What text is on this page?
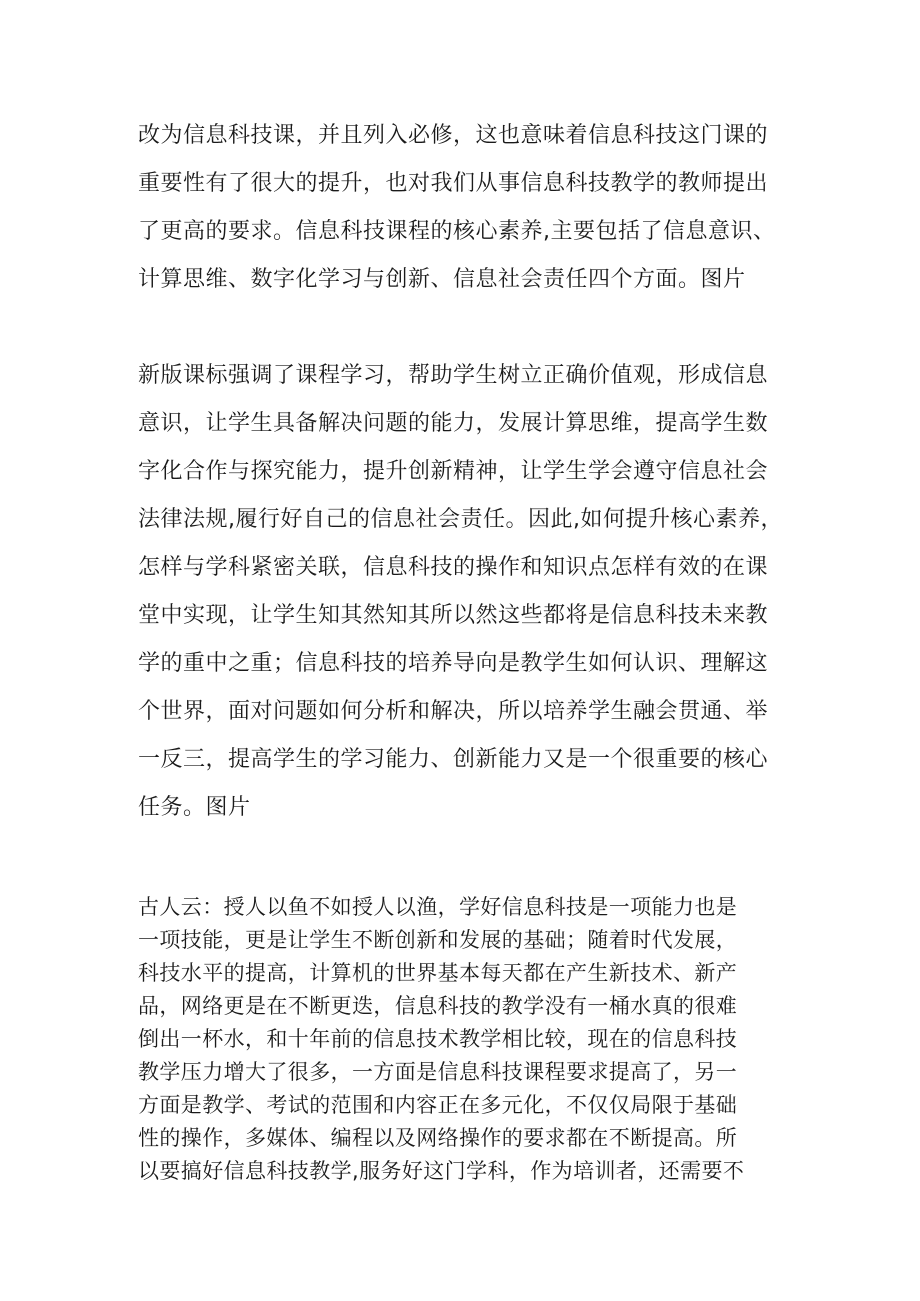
改为信息科技课，并且列入必修，这也意味着信息科技这门课的
重要性有了很大的提升，也对我们从事信息科技教学的教师提出
了更高的要求。信息科技课程的核心素养,主要包括了信息意识、
计算思维、数字化学习与创新、信息社会责任四个方面。图片
新版课标强调了课程学习，帮助学生树立正确价值观，形成信息
意识，让学生具备解决问题的能力，发展计算思维，提高学生数
字化合作与探究能力，提升创新精神，让学生学会遵守信息社会
法律法规,履行好自己的信息社会责任。因此,如何提升核心素养，
怎样与学科紧密关联，信息科技的操作和知识点怎样有效的在课
堂中实现，让学生知其然知其所以然这些都将是信息科技未来教
学的重中之重；信息科技的培养导向是教学生如何认识、理解这
个世界，面对问题如何分析和解决，所以培养学生融会贯通、举
一反三，提高学生的学习能力、创新能力又是一个很重要的核心
任务。图片
古人云：授人以鱼不如授人以渔，学好信息科技是一项能力也是
一项技能，更是让学生不断创新和发展的基础；随着时代发展，
科技水平的提高，计算机的世界基本每天都在产生新技术、新产
品，网络更是在不断更迭，信息科技的教学没有一桶水真的很难
倒出一杯水，和十年前的信息技术教学相比较，现在的信息科技
教学压力增大了很多，一方面是信息科技课程要求提高了，另一
方面是教学、考试的范围和内容正在多元化，不仅仅局限于基础
性的操作，多媒体、编程以及网络操作的要求都在不断提高。所
以要搞好信息科技教学,服务好这门学科，作为培训者，还需要不
